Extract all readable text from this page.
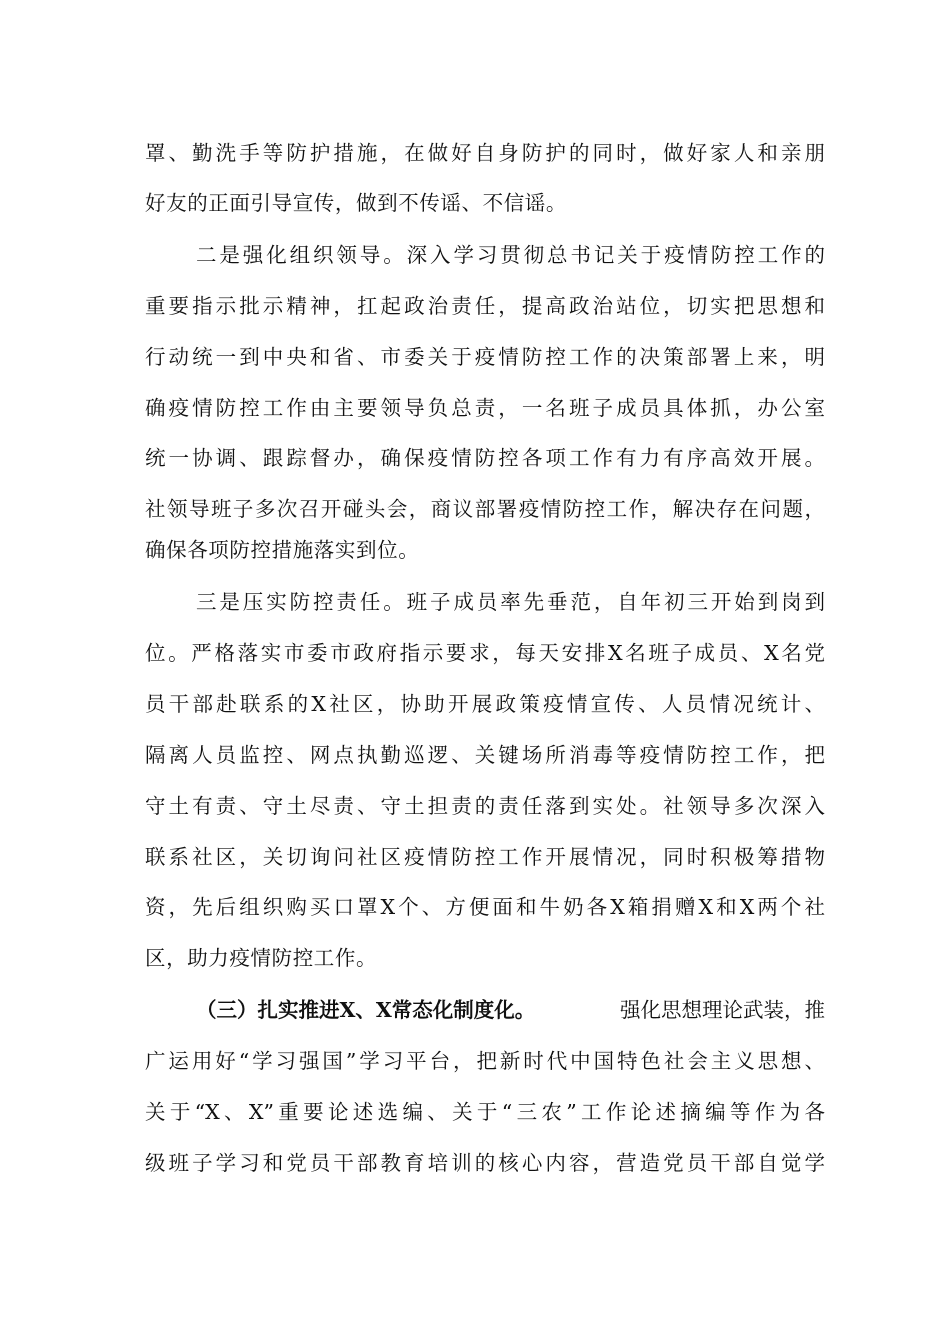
罩、勤洗手等防护措施，在做好自身防护的同时，做好家人和亲朋
好友的正面引导宣传，做到不传谣、不信谣。
二是强化组织领导。深入学习贯彻总书记关于疫情防控工作的
重要指示批示精神，扛起政治责任，提高政治站位，切实把思想和
行动统一到中央和省、市委关于疫情防控工作的决策部署上来，明
确疫情防控工作由主要领导负总责，一名班子成员具体抓，办公室
统一协调、跟踪督办，确保疫情防控各项工作有力有序高效开展。
社领导班子多次召开碰头会，商议部署疫情防控工作，解决存在问题，
确保各项防控措施落实到位。
三是压实防控责任。班子成员率先垂范，自年初三开始到岗到
位。严格落实市委市政府指示要求，每天安排X名班子成员、X名党
员干部赴联系的X社区，协助开展政策疫情宣传、人员情况统计、
隔离人员监控、网点执勤巡逻、关键场所消毒等疫情防控工作，把
守土有责、守土尽责、守土担责的责任落到实处。社领导多次深入
联系社区，关切询问社区疫情防控工作开展情况，同时积极筹措物
资，先后组织购买口罩X个、方便面和牛奶各X箱捐赠X和X两个社
区，助力疫情防控工作。
（三）扎实推进X、X常态化制度化。	强化思想理论武装，推
广运用好“学习强国”学习平台，把新时代中国特色社会主义思想、
关于“X、X”重要论述选编、关于“三农”工作论述摘编等作为各
级班子学习和党员干部教育培训的核心内容，营造党员干部自觉学
